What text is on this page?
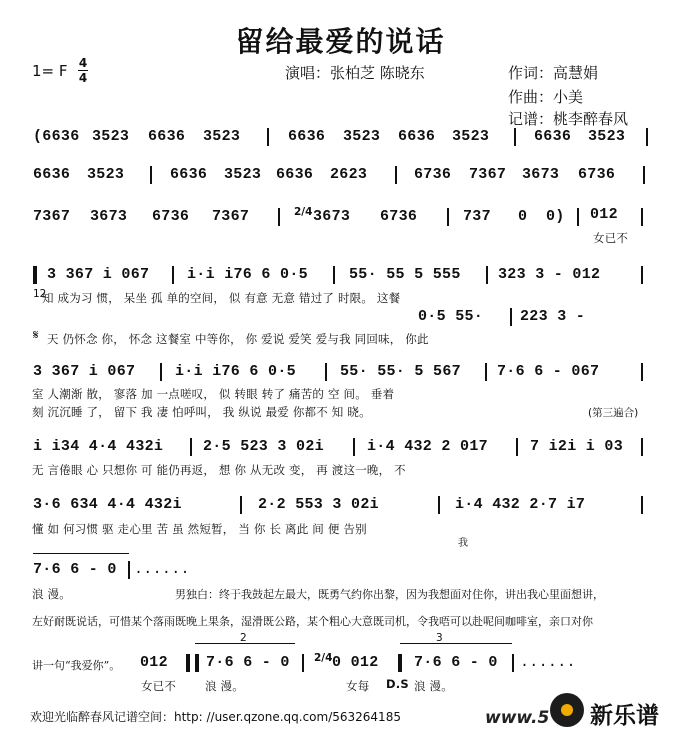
留给最爱的说话
1= F 4
4	演唱：张柏芝 陈晓东	作词：高慧娟
作曲：小美
记谱：桃李醉春风
(6636 3523 6636 3523	6636 3523 6636 3523	6636 3523
6636 3523	6636 3523 6636 2623	6736 7367 3673 6736
7367 3673 6736 7367	2/4 3673 6736	737 0 0) 012
女已不
12
3 367 i 067	i·i i76 6 0·5	55· 55 5 555 323 3 - 012
知 成为习 惯， 呆坐 孤 单的空间， 似 有意 无意 错过了 时限。 这餐
𝄋 天 仍怀念 你， 怀念 这餐室 中等你， 你 爱说 爱笑 爱与我 同回味， 你此
0·5 55· 223 3 -
3 367 i 067	i·i i76 6 0·5	55· 55· 5 567 7·6 6 - 067
室 人潮渐 散， 寥落 加 一点嗟叹， 似 转眼 转了 痛苦的 空 间。 垂着
刻 沉沉睡 了， 留下 我 凄 怕呼叫， 我 纵说 最爱 你都不 知 晓。	(第三遍合)
i i34 4·4 432i	2·5 523 3 02i	i·4 432 2 017	7 i2i i 03
无 言倦眼 心 只想你 可 能仍再返， 想 你 从无改 变， 再 渡这一晚， 不
3·6 634 4·4 432i	2·2 553 3 02i	i·4 432 2·7 i7
懂 如 何习惯 驱 走心里 苦 虽 然短暂， 当 你 长 离此 间 便 告别
我
7·6 6 - 0 ......
浪 漫。	男独白：终于我鼓起左最大，既勇气约你出黎，因为我想面对住你，讲出我心里面想讲，
左好耐既说话，可惜某个落雨既晚上果条，湿滑既公路，某个粗心大意既司机，令我唔可以赴呢间咖啡室，亲口对你
讲一句“我爱你”。 012
2
7·6 6 - 0 2/4 0 012
3
7·6 6 - 0 ......
女已不	浪 漫。	女每 D.S 浪 漫。
欢迎光临醉春风记谱空间：http: //user.qzone.qq.com/563264185	www.5 新乐谱
